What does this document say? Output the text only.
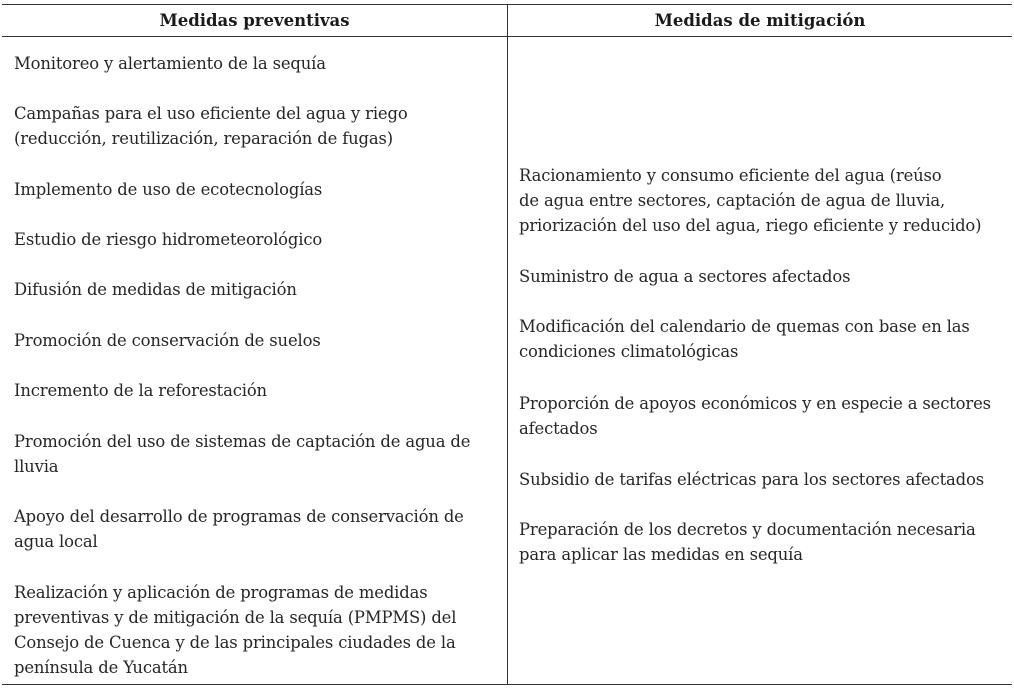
Medidas preventivas	Medidas de mitigación

Monitoreo y alertamiento de la sequía

Campañas para el uso eficiente del agua y riego
(reducción, reutilización, reparación de fugas)

Implemento de uso de ecotecnologías

Estudio de riesgo hidrometeorológico

Difusión de medidas de mitigación

Promoción de conservación de suelos

Incremento de la reforestación

Promoción del uso de sistemas de captación de agua de
lluvia

Apoyo del desarrollo de programas de conservación de
agua local

Realización y aplicación de programas de medidas
preventivas y de mitigación de la sequía (PMPMS) del
Consejo de Cuenca y de las principales ciudades de la
península de Yucatán

Racionamiento y consumo eficiente del agua (reúso
de agua entre sectores, captación de agua de lluvia,
priorización del uso del agua, riego eficiente y reducido)

Suministro de agua a sectores afectados

Modificación del calendario de quemas con base en las
condiciones climatológicas

Proporción de apoyos económicos y en especie a sectores
afectados

Subsidio de tarifas eléctricas para los sectores afectados

Preparación de los decretos y documentación necesaria
para aplicar las medidas en sequía
